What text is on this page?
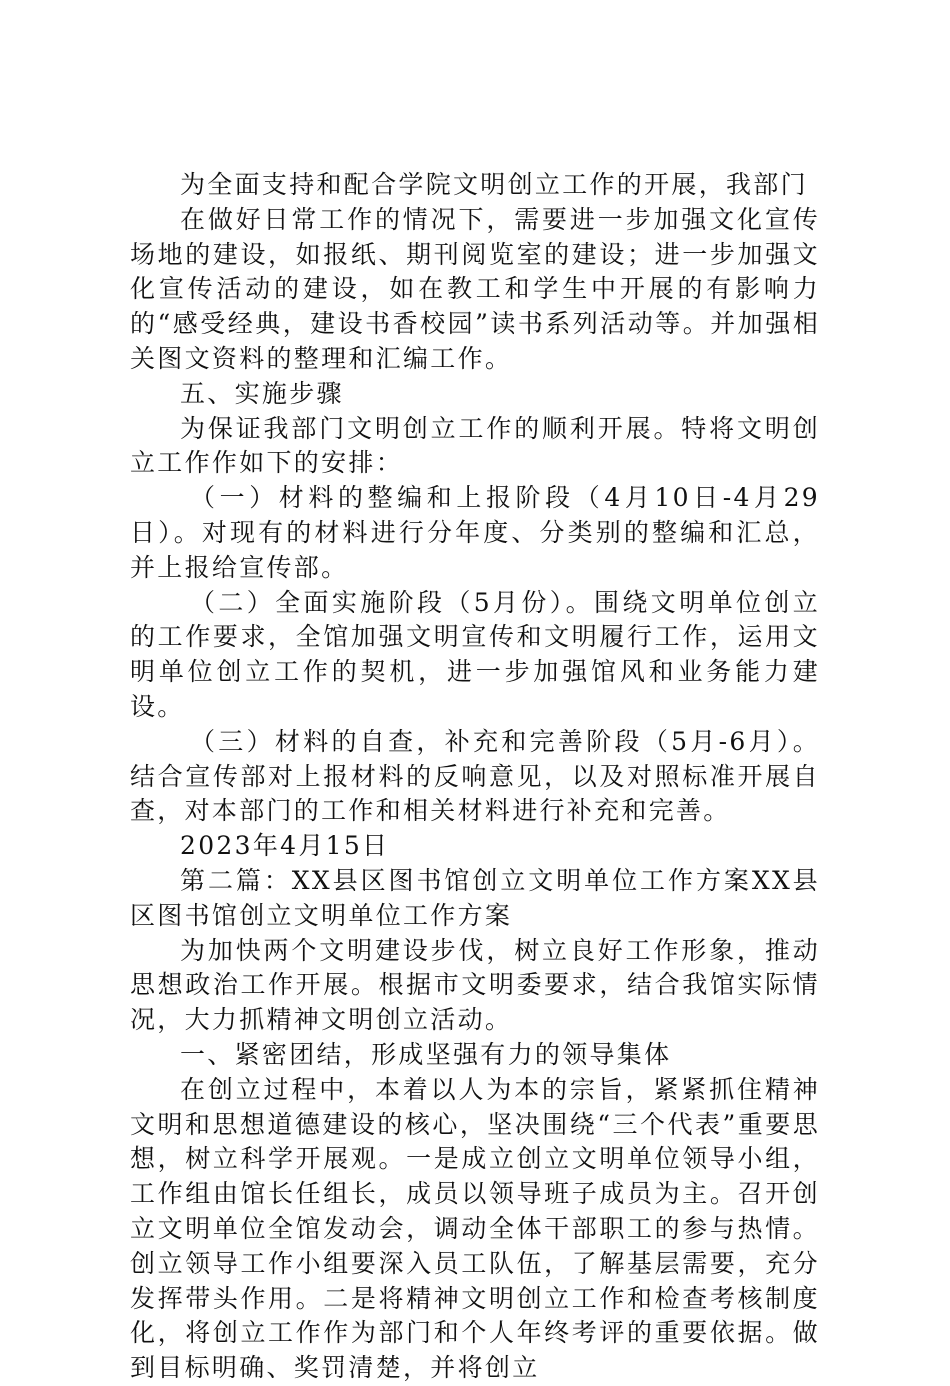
为全面支持和配合学院文明创立工作的开展，我部门

在做好日常工作的情况下，需要进一步加强文化宣传场地的建设，如报纸、期刊阅览室的建设；进一步加强文化宣传活动的建设，如在教工和学生中开展的有影响力的“感受经典，建设书香校园”读书系列活动等。并加强相关图文资料的整理和汇编工作。

五、实施步骤

为保证我部门文明创立工作的顺利开展。特将文明创立工作作如下的安排：

（一）材料的整编和上报阶段（4月10日-4月29日）。对现有的材料进行分年度、分类别的整编和汇总，并上报给宣传部。

（二）全面实施阶段（5月份）。围绕文明单位创立的工作要求，全馆加强文明宣传和文明履行工作，运用文明单位创立工作的契机，进一步加强馆风和业务能力建设。

（三）材料的自查，补充和完善阶段（5月-6月）。结合宣传部对上报材料的反响意见，以及对照标准开展自查，对本部门的工作和相关材料进行补充和完善。

2023年4月15日

第二篇：XX县区图书馆创立文明单位工作方案XX县区图书馆创立文明单位工作方案

为加快两个文明建设步伐，树立良好工作形象，推动思想政治工作开展。根据市文明委要求，结合我馆实际情况，大力抓精神文明创立活动。

一、紧密团结，形成坚强有力的领导集体

在创立过程中，本着以人为本的宗旨，紧紧抓住精神文明和思想道德建设的核心，坚决围绕“三个代表”重要思想，树立科学开展观。一是成立创立文明单位领导小组，工作组由馆长任组长，成员以领导班子成员为主。召开创立文明单位全馆发动会，调动全体干部职工的参与热情。创立领导工作小组要深入员工队伍，了解基层需要，充分发挥带头作用。二是将精神文明创立工作和检查考核制度化，将创立工作作为部门和个人年终考评的重要依据。做到目标明确、奖罚清楚，并将创立
